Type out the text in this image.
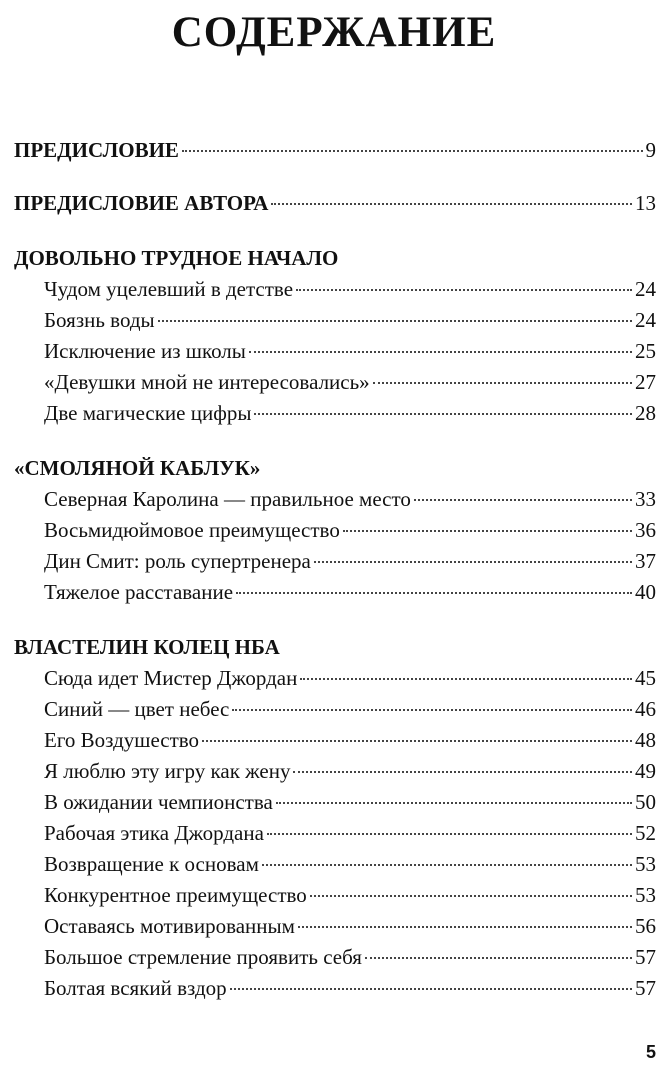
СОДЕРЖАНИЕ
ПРЕДИСЛОВИЕ	9
ПРЕДИСЛОВИЕ АВТОРА	13
ДОВОЛЬНО ТРУДНОЕ НАЧАЛО
Чудом уцелевший в детстве	24
Боязнь воды	24
Исключение из школы	25
«Девушки мной не интересовались»	27
Две магические цифры	28
«СМОЛЯНОЙ КАБЛУК»
Северная Каролина — правильное место	33
Восьмидюймовое преимущество	36
Дин Смит: роль супертренера	37
Тяжелое расставание	40
ВЛАСТЕЛИН КОЛЕЦ НБА
Сюда идет Мистер Джордан	45
Синий — цвет небес	46
Его Воздушество	48
Я люблю эту игру как жену	49
В ожидании чемпионства	50
Рабочая этика Джордана	52
Возвращение к основам	53
Конкурентное преимущество	53
Оставаясь мотивированным	56
Большое стремление проявить себя	57
Болтая всякий вздор	57
5
